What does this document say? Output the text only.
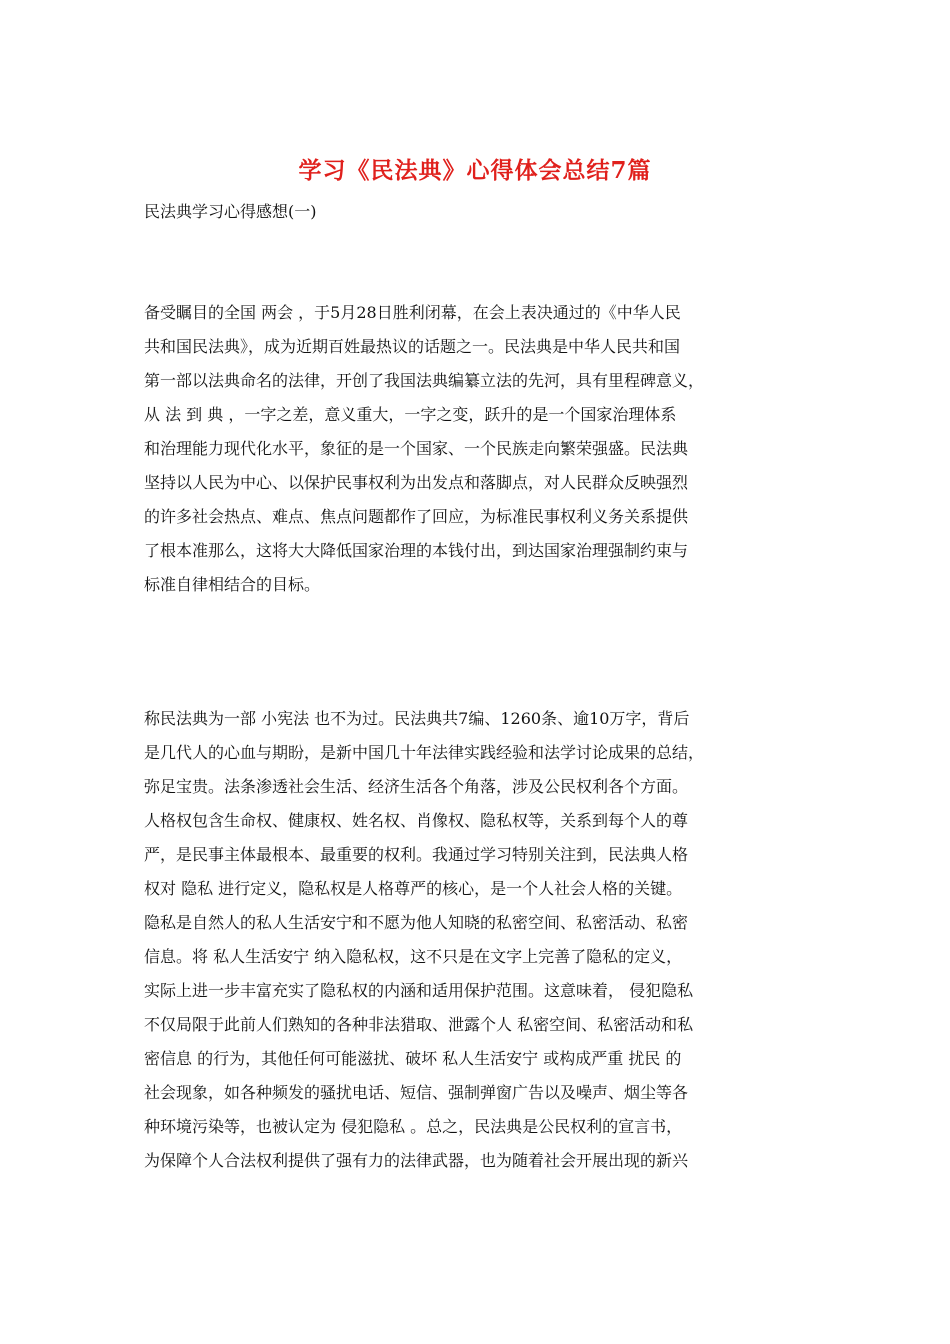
学习《民法典》心得体会总结7篇

民法典学习心得感想(一)

备受瞩目的全国 两会 ，于5月28日胜利闭幕，在会上表决通过的《中华人民
共和国民法典》，成为近期百姓最热议的话题之一。民法典是中华人民共和国
第一部以法典命名的法律，开创了我国法典编纂立法的先河，具有里程碑意义，
从 法 到 典 ，一字之差，意义重大，一字之变，跃升的是一个国家治理体系
和治理能力现代化水平，象征的是一个国家、一个民族走向繁荣强盛。民法典
坚持以人民为中心、以保护民事权利为出发点和落脚点，对人民群众反映强烈
的许多社会热点、难点、焦点问题都作了回应，为标准民事权利义务关系提供
了根本准那么，这将大大降低国家治理的本钱付出，到达国家治理强制约束与
标准自律相结合的目标。
称民法典为一部 小宪法 也不为过。民法典共7编、1260条、逾10万字，背后
是几代人的心血与期盼，是新中国几十年法律实践经验和法学讨论成果的总结，
弥足宝贵。法条渗透社会生活、经济生活各个角落，涉及公民权利各个方面。
人格权包含生命权、健康权、姓名权、肖像权、隐私权等，关系到每个人的尊
严，是民事主体最根本、最重要的权利。我通过学习特别关注到，民法典人格
权对 隐私 进行定义，隐私权是人格尊严的核心，是一个人社会人格的关键。
隐私是自然人的私人生活安宁和不愿为他人知晓的私密空间、私密活动、私密
信息。将 私人生活安宁 纳入隐私权，这不只是在文字上完善了隐私的定义，
实际上进一步丰富充实了隐私权的内涵和适用保护范围。这意味着， 侵犯隐私
不仅局限于此前人们熟知的各种非法猎取、泄露个人 私密空间、私密活动和私
密信息 的行为，其他任何可能滋扰、破坏 私人生活安宁 或构成严重 扰民 的
社会现象，如各种频发的骚扰电话、短信、强制弹窗广告以及噪声、烟尘等各
种环境污染等，也被认定为 侵犯隐私 。总之，民法典是公民权利的宣言书，
为保障个人合法权利提供了强有力的法律武器，也为随着社会开展出现的新兴
